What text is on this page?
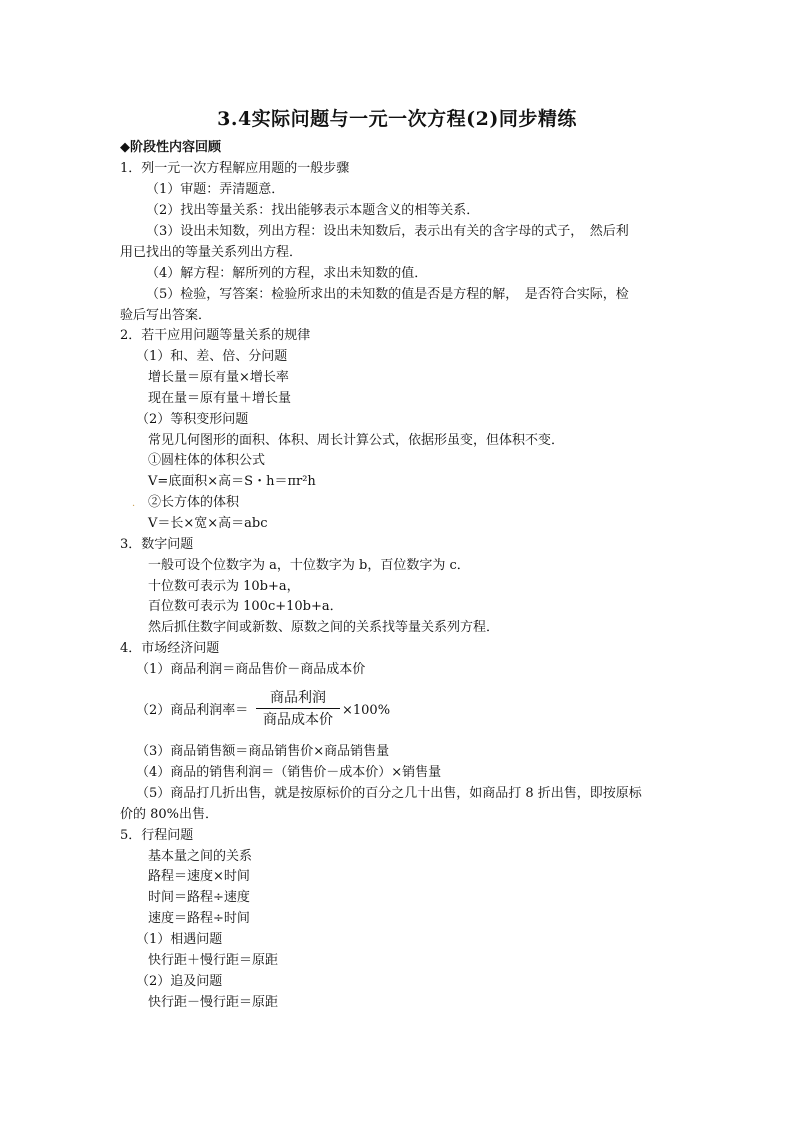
3.4实际问题与一元一次方程(2)同步精练
◆阶段性内容回顾
1．列一元一次方程解应用题的一般步骤
（1）审题：弄清题意．
（2）找出等量关系：找出能够表示本题含义的相等关系．
（3）设出未知数，列出方程：设出未知数后，表示出有关的含字母的式子，　然后利
用已找出的等量关系列出方程．
（4）解方程：解所列的方程，求出未知数的值．
（5）检验，写答案：检验所求出的未知数的值是否是方程的解，　是否符合实际，检
验后写出答案．
2．若干应用问题等量关系的规律
（1）和、差、倍、分问题
增长量＝原有量×增长率
现在量＝原有量＋增长量
（2）等积变形问题
常见几何图形的面积、体积、周长计算公式，依据形虽变，但体积不变．
①圆柱体的体积公式
V=底面积×高＝S・h＝πr²h
． ②长方体的体积
V＝长×宽×高＝abc
3．数字问题
一般可设个位数字为 a，十位数字为 b，百位数字为 c．
十位数可表示为 10b+a，
百位数可表示为 100c+10b+a．
然后抓住数字间或新数、原数之间的关系找等量关系列方程．
4．市场经济问题
（1）商品利润＝商品售价－商品成本价
（2）商品利润率＝
商品利润
商品成本价
×100%
（3）商品销售额＝商品销售价×商品销售量
（4）商品的销售利润＝（销售价－成本价）×销售量
（5）商品打几折出售，就是按原标价的百分之几十出售，如商品打 8 折出售，即按原标
价的 80%出售．
5．行程问题
基本量之间的关系
路程＝速度×时间
时间＝路程÷速度
速度＝路程÷时间
（1）相遇问题
快行距＋慢行距＝原距
（2）追及问题
快行距－慢行距＝原距
